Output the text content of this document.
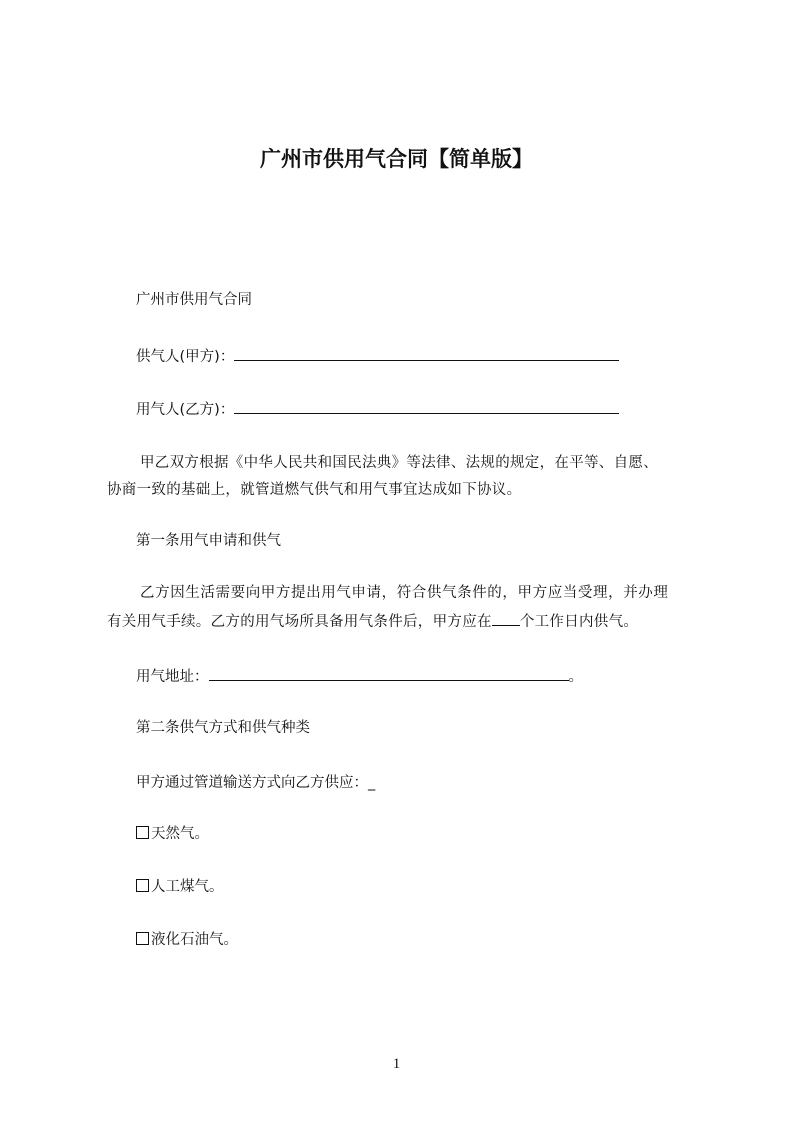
广州市供用气合同【简单版】
广州市供用气合同
供气人(甲方)：
用气人(乙方)：
甲乙双方根据《中华人民共和国民法典》等法律、法规的规定，在平等、自愿、
协商一致的基础上，就管道燃气供气和用气事宜达成如下协议。
第一条用气申请和供气
乙方因生活需要向甲方提出用气申请，符合供气条件的，甲方应当受理，并办理
有关用气手续。乙方的用气场所具备用气条件后，甲方应在 个工作日内供气。
用气地址：	。
第二条供气方式和供气种类
甲方通过管道输送方式向乙方供应：_
天然气。
人工煤气。
液化石油气。
1
